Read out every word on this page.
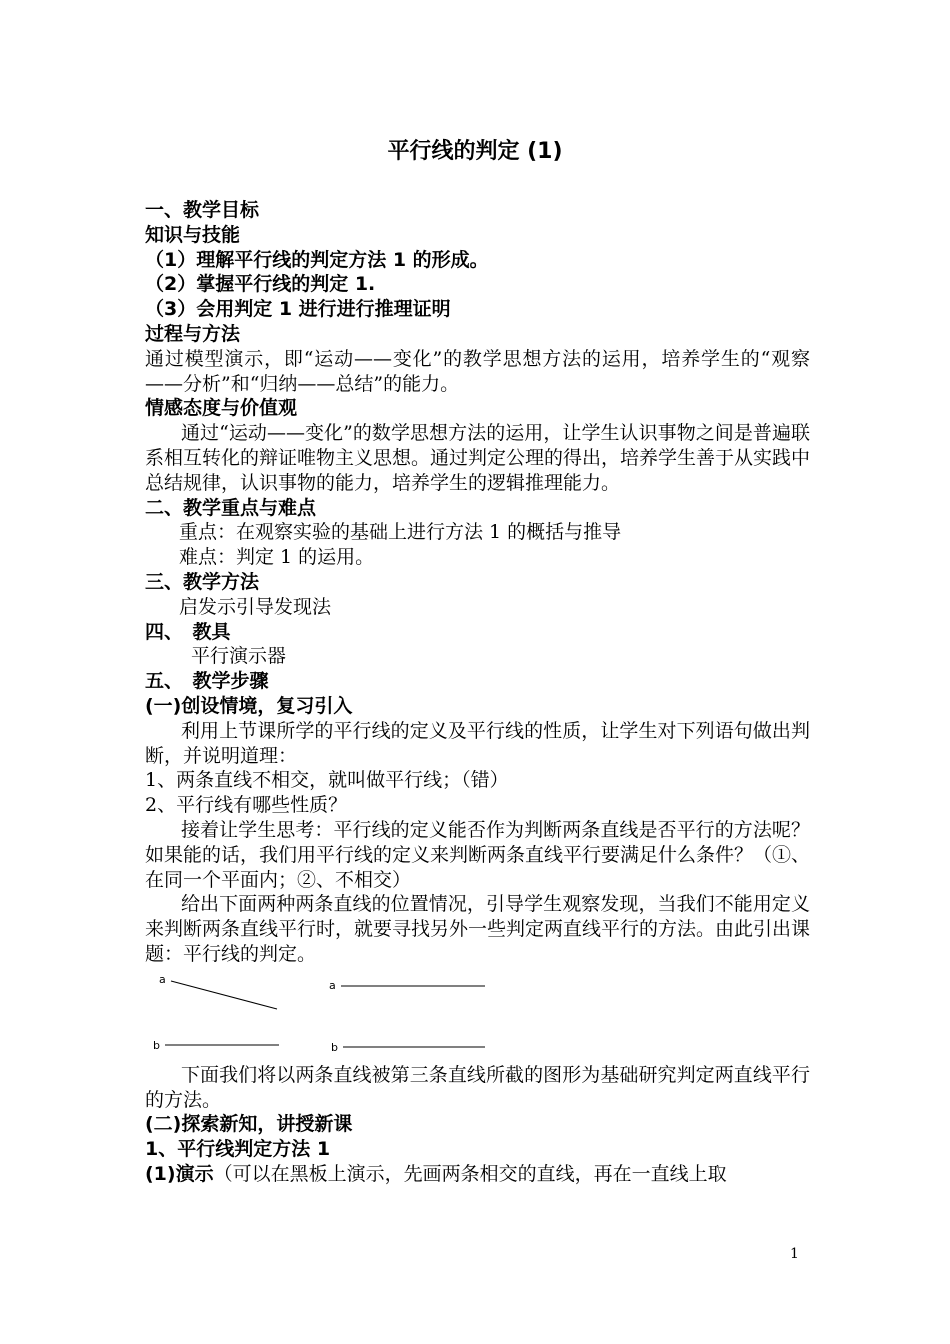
平行线的判定 (1)

一、教学目标

知识与技能

（1）理解平行线的判定方法 1 的形成。

（2）掌握平行线的判定 1.

（3）会用判定 1 进行进行推理证明

过程与方法

通过模型演示，即“运动——变化”的教学思想方法的运用，培养学生的“观察——分析”和“归纳——总结”的能力。

情感态度与价值观

通过“运动——变化”的数学思想方法的运用，让学生认识事物之间是普遍联系相互转化的辩证唯物主义思想。通过判定公理的得出，培养学生善于从实践中总结规律，认识事物的能力，培养学生的逻辑推理能力。

二、教学重点与难点

重点：在观察实验的基础上进行方法 1 的概括与推导

难点：判定 1 的运用。

三、教学方法

启发示引导发现法

四、　教具

平行演示器

五、　教学步骤

(一)创设情境，复习引入

利用上节课所学的平行线的定义及平行线的性质，让学生对下列语句做出判断，并说明道理：

1、两条直线不相交，就叫做平行线；（错）

2、平行线有哪些性质？

接着让学生思考：平行线的定义能否作为判断两条直线是否平行的方法呢？如果能的话，我们用平行线的定义来判断两条直线平行要满足什么条件？（①、在同一个平面内；②、不相交）

给出下面两种两条直线的位置情况，引导学生观察发现，当我们不能用定义来判断两条直线平行时，就要寻找另外一些判定两直线平行的方法。由此引出课题：平行线的判定。

a
b
a
b

下面我们将以两条直线被第三条直线所截的图形为基础研究判定两直线平行的方法。

(二)探索新知，讲授新课

1、平行线判定方法 1

(1)演示（可以在黑板上演示，先画两条相交的直线，再在一直线上取

1
